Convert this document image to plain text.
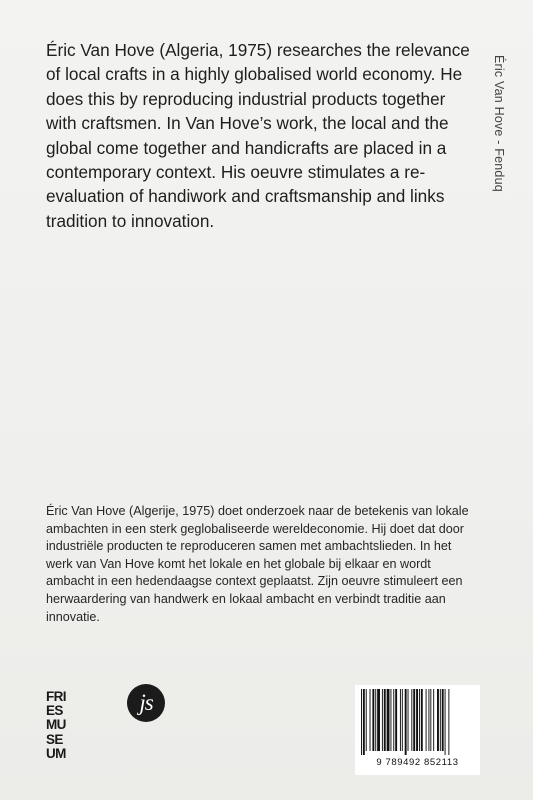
Éric Van Hove (Algeria, 1975) researches the relevance of local crafts in a highly globalised world economy. He does this by reproducing industrial products together with craftsmen. In Van Hove’s work, the local and the global come together and handicrafts are placed in a contemporary context. His oeuvre stimulates a re-evaluation of handiwork and craftsmanship and links tradition to innovation.

Éric Van Hove - Fenduq

Éric Van Hove (Algerije, 1975) doet onderzoek naar de betekenis van lokale ambachten in een sterk geglobaliseerde wereldeconomie. Hij doet dat door industriële producten te reproduceren samen met ambachtslieden. In het werk van Van Hove komt het lokale en het globale bij elkaar en wordt ambacht in een hedendaagse context geplaatst. Zijn oeuvre stimuleert een herwaardering van handwerk en lokaal ambacht en verbindt traditie aan innovatie.

FRI
ES
MU
SE
UM
js
9 789492 852113
